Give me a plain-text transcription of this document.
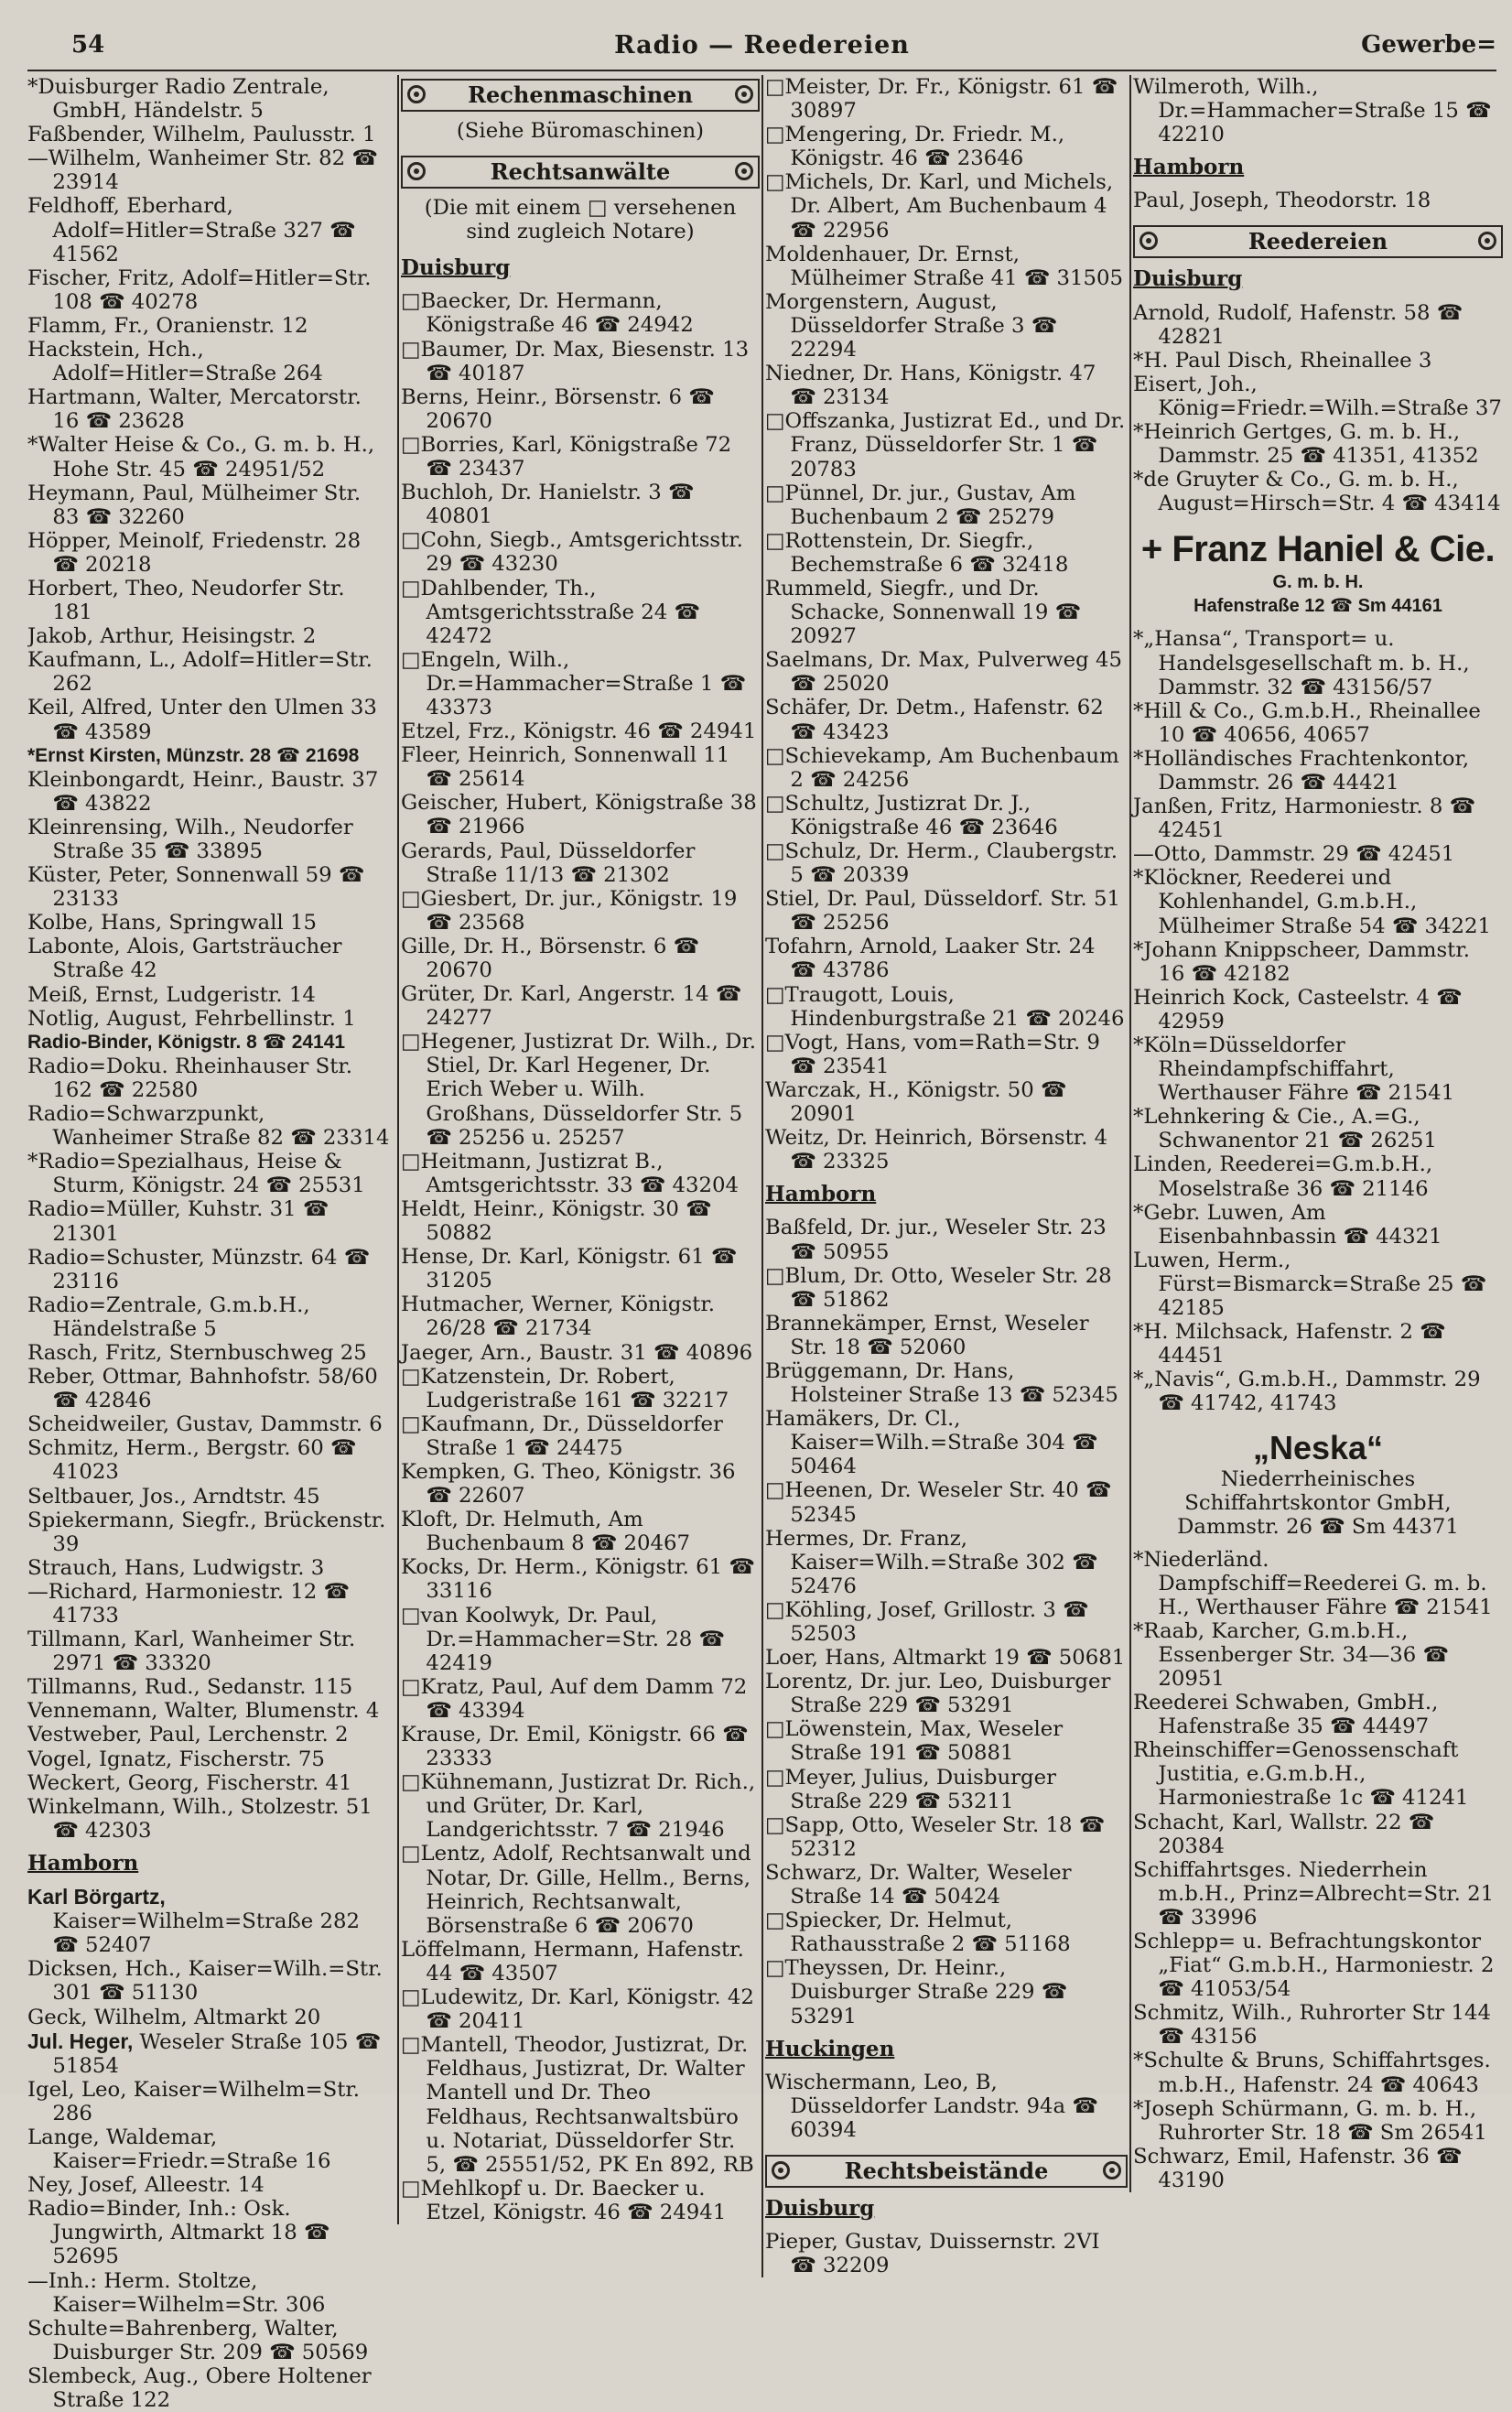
54	Radio — Reedereien	Gewerbe=
*Duisburger Radio Zentrale, GmbH, Händelstr. 5
Faßbender, Wilhelm, Paulusstr. 1
—Wilhelm, Wanheimer Str. 82 ☎ 23914
Feldhoff, Eberhard, Adolf=Hitler=Straße 327 ☎ 41562
Fischer, Fritz, Adolf=Hitler=Str. 108 ☎ 40278
Flamm, Fr., Oranienstr. 12
Hackstein, Hch., Adolf=Hitler=Straße 264
Hartmann, Walter, Mercatorstr. 16 ☎ 23628
*Walter Heise & Co., G. m. b. H., Hohe Str. 45 ☎ 24951/52
Heymann, Paul, Mülheimer Str. 83 ☎ 32260
Höpper, Meinolf, Friedenstr. 28 ☎ 20218
Horbert, Theo, Neudorfer Str. 181
Jakob, Arthur, Heisingstr. 2
Kaufmann, L., Adolf=Hitler=Str. 262
Keil, Alfred, Unter den Ulmen 33 ☎ 43589
*Ernst Kirsten, Münzstr. 28 ☎ 21698
Kleinbongardt, Heinr., Baustr. 37 ☎ 43822
Kleinrensing, Wilh., Neudorfer Straße 35 ☎ 33895
Küster, Peter, Sonnenwall 59 ☎ 23133
Kolbe, Hans, Springwall 15
Labonte, Alois, Gartsträucher Straße 42
Meiß, Ernst, Ludgeristr. 14
Notlig, August, Fehrbellinstr. 1
Radio-Binder, Königstr. 8 ☎ 24141
Radio=Doku. Rheinhauser Str. 162 ☎ 22580
Radio=Schwarzpunkt, Wanheimer Straße 82 ☎ 23314
*Radio=Spezialhaus, Heise & Sturm, Königstr. 24 ☎ 25531
Radio=Müller, Kuhstr. 31 ☎ 21301
Radio=Schuster, Münzstr. 64 ☎ 23116
Radio=Zentrale, G.m.b.H., Händelstraße 5
Rasch, Fritz, Sternbuschweg 25
Reber, Ottmar, Bahnhofstr. 58/60 ☎ 42846
Scheidweiler, Gustav, Dammstr. 6
Schmitz, Herm., Bergstr. 60 ☎ 41023
Seltbauer, Jos., Arndtstr. 45
Spiekermann, Siegfr., Brückenstr. 39
Strauch, Hans, Ludwigstr. 3
—Richard, Harmoniestr. 12 ☎ 41733
Tillmann, Karl, Wanheimer Str. 2971 ☎ 33320
Tillmanns, Rud., Sedanstr. 115
Vennemann, Walter, Blumenstr. 4
Vestweber, Paul, Lerchenstr. 2
Vogel, Ignatz, Fischerstr. 75
Weckert, Georg, Fischerstr. 41
Winkelmann, Wilh., Stolzestr. 51 ☎ 42303
Hamborn
Karl Börgartz, Kaiser=Wilhelm=Straße 282 ☎ 52407
Dicksen, Hch., Kaiser=Wilh.=Str. 301 ☎ 51130
Geck, Wilhelm, Altmarkt 20
Jul. Heger, Weseler Straße 105 ☎ 51854
Igel, Leo, Kaiser=Wilhelm=Str. 286
Lange, Waldemar, Kaiser=Friedr.=Straße 16
Ney, Josef, Alleestr. 14
Radio=Binder, Inh.: Osk. Jungwirth, Altmarkt 18 ☎ 52695
—Inh.: Herm. Stoltze, Kaiser=Wilhelm=Str. 306
Schulte=Bahrenberg, Walter, Duisburger Str. 209 ☎ 50569
Slembeck, Aug., Obere Holtener Straße 122
Rechenmaschinen
(Siehe Büromaschinen)
Rechtsanwälte
(Die mit einem □ versehenen sind zugleich Notare)
Duisburg
□Baecker, Dr. Hermann, Königstraße 46 ☎ 24942
□Baumer, Dr. Max, Biesenstr. 13 ☎ 40187
Berns, Heinr., Börsenstr. 6 ☎ 20670
□Borries, Karl, Königstraße 72 ☎ 23437
Buchloh, Dr. Hanielstr. 3 ☎ 40801
□Cohn, Siegb., Amtsgerichtsstr. 29 ☎ 43230
□Dahlbender, Th., Amtsgerichtsstraße 24 ☎ 42472
□Engeln, Wilh., Dr.=Hammacher=Straße 1 ☎ 43373
Etzel, Frz., Königstr. 46 ☎ 24941
Fleer, Heinrich, Sonnenwall 11 ☎ 25614
Geischer, Hubert, Königstraße 38 ☎ 21966
Gerards, Paul, Düsseldorfer Straße 11/13 ☎ 21302
□Giesbert, Dr. jur., Königstr. 19 ☎ 23568
Gille, Dr. H., Börsenstr. 6 ☎ 20670
Grüter, Dr. Karl, Angerstr. 14 ☎ 24277
□Hegener, Justizrat Dr. Wilh., Dr. Stiel, Dr. Karl Hegener, Dr. Erich Weber u. Wilh. Großhans, Düsseldorfer Str. 5 ☎ 25256 u. 25257
□Heitmann, Justizrat B., Amtsgerichtsstr. 33 ☎ 43204
Heldt, Heinr., Königstr. 30 ☎ 50882
Hense, Dr. Karl, Königstr. 61 ☎ 31205
Hutmacher, Werner, Königstr. 26/28 ☎ 21734
Jaeger, Arn., Baustr. 31 ☎ 40896
□Katzenstein, Dr. Robert, Ludgeristraße 161 ☎ 32217
□Kaufmann, Dr., Düsseldorfer Straße 1 ☎ 24475
Kempken, G. Theo, Königstr. 36 ☎ 22607
Kloft, Dr. Helmuth, Am Buchenbaum 8 ☎ 20467
Kocks, Dr. Herm., Königstr. 61 ☎ 33116
□van Koolwyk, Dr. Paul, Dr.=Hammacher=Str. 28 ☎ 42419
□Kratz, Paul, Auf dem Damm 72 ☎ 43394
Krause, Dr. Emil, Königstr. 66 ☎ 23333
□Kühnemann, Justizrat Dr. Rich., und Grüter, Dr. Karl, Landgerichtsstr. 7 ☎ 21946
□Lentz, Adolf, Rechtsanwalt und Notar, Dr. Gille, Hellm., Berns, Heinrich, Rechtsanwalt, Börsenstraße 6 ☎ 20670
Löffelmann, Hermann, Hafenstr. 44 ☎ 43507
□Ludewitz, Dr. Karl, Königstr. 42 ☎ 20411
□Mantell, Theodor, Justizrat, Dr. Feldhaus, Justizrat, Dr. Walter Mantell und Dr. Theo Feldhaus, Rechtsanwaltsbüro u. Notariat, Düsseldorfer Str. 5, ☎ 25551/52, PK En 892, RB
□Mehlkopf u. Dr. Baecker u. Etzel, Königstr. 46 ☎ 24941
□Meister, Dr. Fr., Königstr. 61 ☎ 30897
□Mengering, Dr. Friedr. M., Königstr. 46 ☎ 23646
□Michels, Dr. Karl, und Michels, Dr. Albert, Am Buchenbaum 4 ☎ 22956
Moldenhauer, Dr. Ernst, Mülheimer Straße 41 ☎ 31505
Morgenstern, August, Düsseldorfer Straße 3 ☎ 22294
Niedner, Dr. Hans, Königstr. 47 ☎ 23134
□Offszanka, Justizrat Ed., und Dr. Franz, Düsseldorfer Str. 1 ☎ 20783
□Pünnel, Dr. jur., Gustav, Am Buchenbaum 2 ☎ 25279
□Rottenstein, Dr. Siegfr., Bechemstraße 6 ☎ 32418
Rummeld, Siegfr., und Dr. Schacke, Sonnenwall 19 ☎ 20927
Saelmans, Dr. Max, Pulverweg 45 ☎ 25020
Schäfer, Dr. Detm., Hafenstr. 62 ☎ 43423
□Schievekamp, Am Buchenbaum 2 ☎ 24256
□Schultz, Justizrat Dr. J., Königstraße 46 ☎ 23646
□Schulz, Dr. Herm., Claubergstr. 5 ☎ 20339
Stiel, Dr. Paul, Düsseldorf. Str. 51 ☎ 25256
Tofahrn, Arnold, Laaker Str. 24 ☎ 43786
□Traugott, Louis, Hindenburgstraße 21 ☎ 20246
□Vogt, Hans, vom=Rath=Str. 9 ☎ 23541
Warczak, H., Königstr. 50 ☎ 20901
Weitz, Dr. Heinrich, Börsenstr. 4 ☎ 23325
Hamborn
Baßfeld, Dr. jur., Weseler Str. 23 ☎ 50955
□Blum, Dr. Otto, Weseler Str. 28 ☎ 51862
Brannekämper, Ernst, Weseler Str. 18 ☎ 52060
Brüggemann, Dr. Hans, Holsteiner Straße 13 ☎ 52345
Hamäkers, Dr. Cl., Kaiser=Wilh.=Straße 304 ☎ 50464
□Heenen, Dr. Weseler Str. 40 ☎ 52345
Hermes, Dr. Franz, Kaiser=Wilh.=Straße 302 ☎ 52476
□Köhling, Josef, Grillostr. 3 ☎ 52503
Loer, Hans, Altmarkt 19 ☎ 50681
Lorentz, Dr. jur. Leo, Duisburger Straße 229 ☎ 53291
□Löwenstein, Max, Weseler Straße 191 ☎ 50881
□Meyer, Julius, Duisburger Straße 229 ☎ 53211
□Sapp, Otto, Weseler Str. 18 ☎ 52312
Schwarz, Dr. Walter, Weseler Straße 14 ☎ 50424
□Spiecker, Dr. Helmut, Rathausstraße 2 ☎ 51168
□Theyssen, Dr. Heinr., Duisburger Straße 229 ☎ 53291
Huckingen
Wischermann, Leo, B, Düsseldorfer Landstr. 94a ☎ 60394
Rechtsbeistände
Duisburg
Pieper, Gustav, Duissernstr. 2VI ☎ 32209
Wilmeroth, Wilh., Dr.=Hammacher=Straße 15 ☎ 42210
Hamborn
Paul, Joseph, Theodorstr. 18
Reedereien
Duisburg
Arnold, Rudolf, Hafenstr. 58 ☎ 42821
*H. Paul Disch, Rheinallee 3
Eisert, Joh., König=Friedr.=Wilh.=Straße 37
*Heinrich Gertges, G. m. b. H., Dammstr. 25 ☎ 41351, 41352
*de Gruyter & Co., G. m. b. H., August=Hirsch=Str. 4 ☎ 43414
+ Franz Haniel & Cie.
G. m. b. H.
Hafenstraße 12 ☎ Sm 44161
*„Hansa“, Transport= u. Handelsgesellschaft m. b. H., Dammstr. 32 ☎ 43156/57
*Hill & Co., G.m.b.H., Rheinallee 10 ☎ 40656, 40657
*Holländisches Frachtenkontor, Dammstr. 26 ☎ 44421
Janßen, Fritz, Harmoniestr. 8 ☎ 42451
—Otto, Dammstr. 29 ☎ 42451
*Klöckner, Reederei und Kohlenhandel, G.m.b.H., Mülheimer Straße 54 ☎ 34221
*Johann Knippscheer, Dammstr. 16 ☎ 42182
Heinrich Kock, Casteelstr. 4 ☎ 42959
*Köln=Düsseldorfer Rheindampfschiffahrt, Werthauser Fähre ☎ 21541
*Lehnkering & Cie., A.=G., Schwanentor 21 ☎ 26251
Linden, Reederei=G.m.b.H., Moselstraße 36 ☎ 21146
*Gebr. Luwen, Am Eisenbahnbassin ☎ 44321
Luwen, Herm., Fürst=Bismarck=Straße 25 ☎ 42185
*H. Milchsack, Hafenstr. 2 ☎ 44451
*„Navis“, G.m.b.H., Dammstr. 29 ☎ 41742, 41743
„Neska“
Niederrheinisches Schiffahrtskontor GmbH, Dammstr. 26 ☎ Sm 44371
*Niederländ. Dampfschiff=Reederei G. m. b. H., Werthauser Fähre ☎ 21541
*Raab, Karcher, G.m.b.H., Essenberger Str. 34—36 ☎ 20951
Reederei Schwaben, GmbH., Hafenstraße 35 ☎ 44497
Rheinschiffer=Genossenschaft Justitia, e.G.m.b.H., Harmoniestraße 1c ☎ 41241
Schacht, Karl, Wallstr. 22 ☎ 20384
Schiffahrtsges. Niederrhein m.b.H., Prinz=Albrecht=Str. 21 ☎ 33996
Schlepp= u. Befrachtungskontor „Fiat“ G.m.b.H., Harmoniestr. 2 ☎ 41053/54
Schmitz, Wilh., Ruhrorter Str 144 ☎ 43156
*Schulte & Bruns, Schiffahrtsges. m.b.H., Hafenstr. 24 ☎ 40643
*Joseph Schürmann, G. m. b. H., Ruhrorter Str. 18 ☎ Sm 26541
Schwarz, Emil, Hafenstr. 36 ☎ 43190
